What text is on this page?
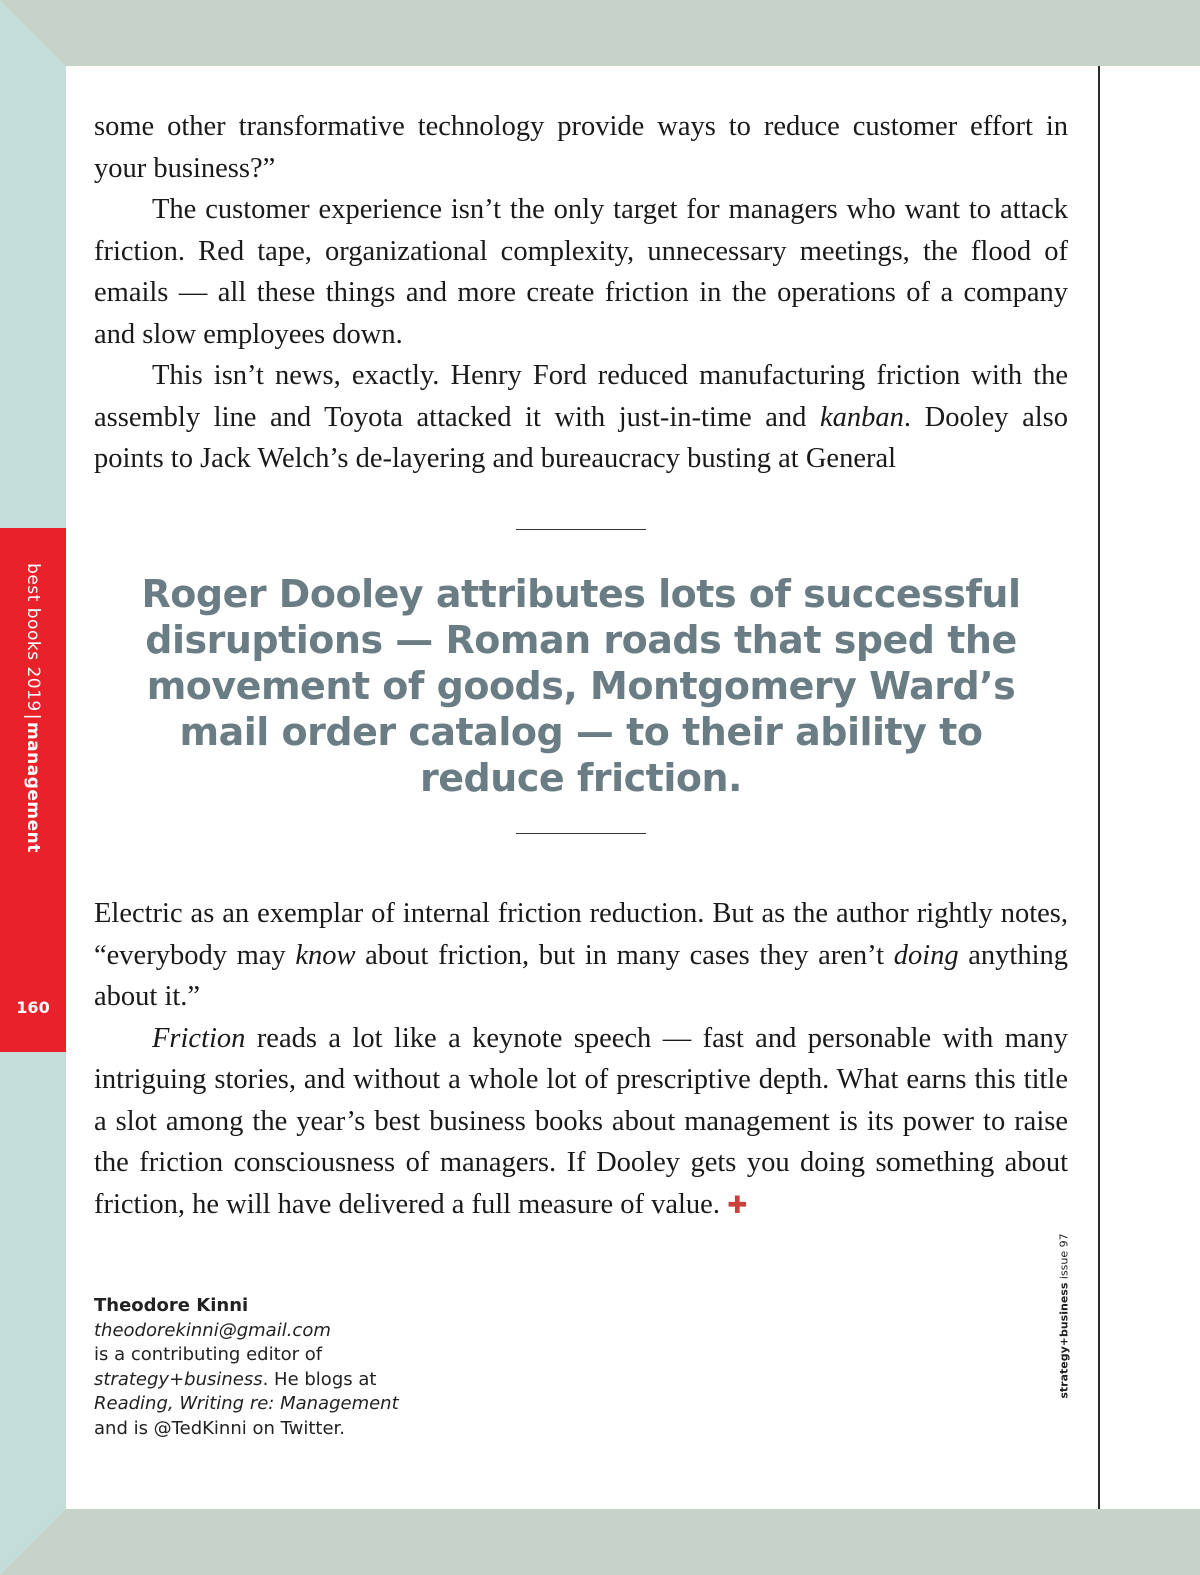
some other transformative technology provide ways to reduce customer effort in your business?”

The customer experience isn’t the only target for managers who want to attack friction. Red tape, organizational complexity, unnecessary meetings, the flood of emails — all these things and more create friction in the operations of a company and slow employees down.

This isn’t news, exactly. Henry Ford reduced manufacturing friction with the assembly line and Toyota attacked it with just-in-time and kanban. Dooley also points to Jack Welch’s de-layering and bureaucracy busting at General

Roger Dooley attributes lots of successful disruptions — Roman roads that sped the movement of goods, Montgomery Ward’s mail order catalog — to their ability to reduce friction.

Electric as an exemplar of internal friction reduction. But as the author rightly notes, “everybody may know about friction, but in many cases they aren’t doing anything about it.”

Friction reads a lot like a keynote speech — fast and personable with many intriguing stories, and without a whole lot of prescriptive depth. What earns this title a slot among the year’s best business books about management is its power to raise the friction consciousness of managers. If Dooley gets you doing something about friction, he will have delivered a full measure of value. ✚

Theodore Kinni
theodorekinni@gmail.com
is a contributing editor of
strategy+business. He blogs at
Reading, Writing re: Management
and is @TedKinni on Twitter.
best books 2019|management
160
strategy+business issue 97
